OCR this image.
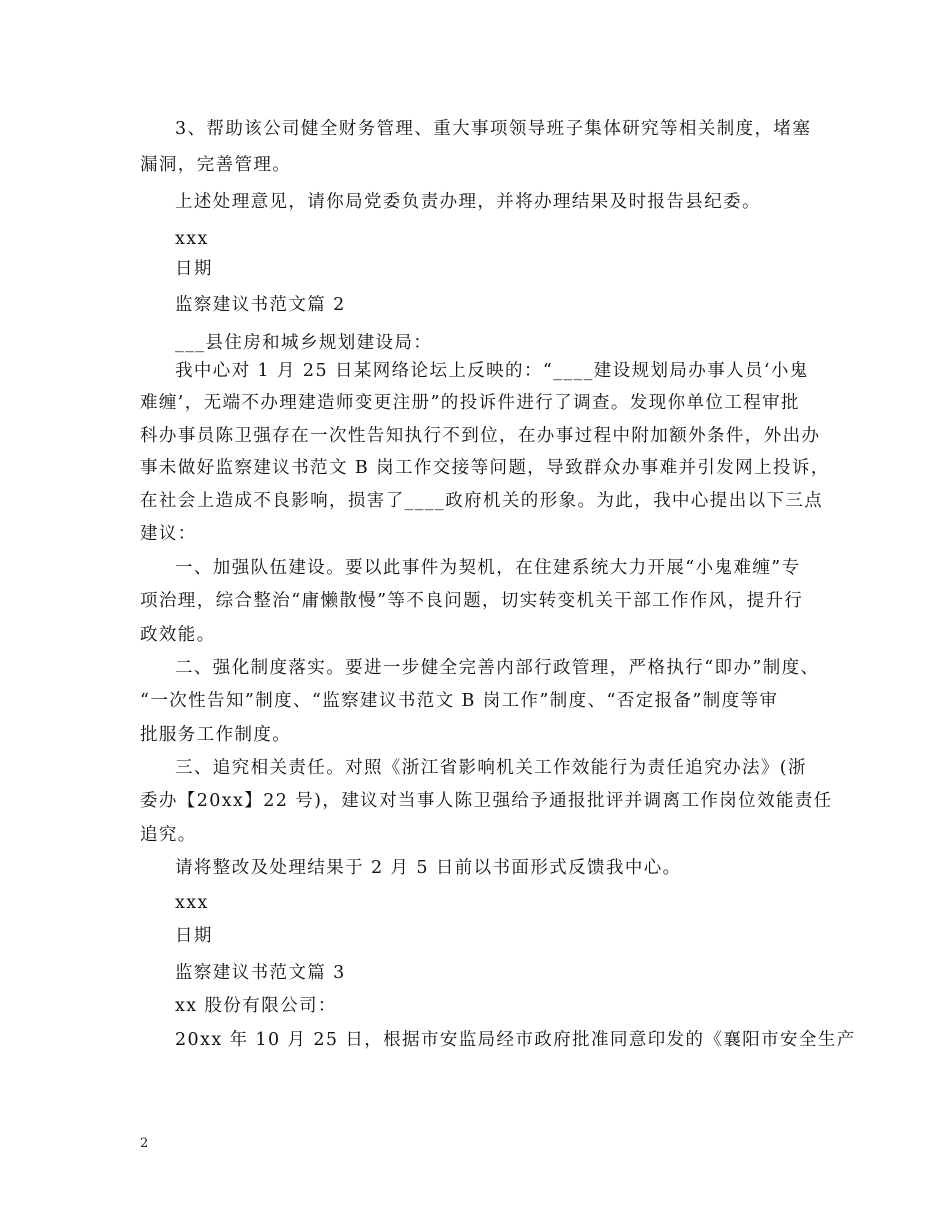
3、帮助该公司健全财务管理、重大事项领导班子集体研究等相关制度，堵塞
漏洞，完善管理。
上述处理意见，请你局党委负责办理，并将办理结果及时报告县纪委。
xxx
日期
监察建议书范文篇 2
___县住房和城乡规划建设局：
我中心对 1 月 25 日某网络论坛上反映的：“____建设规划局办事人员‘小鬼
难缠’，无端不办理建造师变更注册”的投诉件进行了调查。发现你单位工程审批
科办事员陈卫强存在一次性告知执行不到位，在办事过程中附加额外条件，外出办
事未做好监察建议书范文 B 岗工作交接等问题，导致群众办事难并引发网上投诉，
在社会上造成不良影响，损害了____政府机关的形象。为此，我中心提出以下三点
建议：
一、加强队伍建设。要以此事件为契机，在住建系统大力开展“小鬼难缠”专
项治理，综合整治“庸懒散慢”等不良问题，切实转变机关干部工作作风，提升行
政效能。
二、强化制度落实。要进一步健全完善内部行政管理，严格执行“即办”制度、
“一次性告知”制度、“监察建议书范文 B 岗工作”制度、“否定报备”制度等审
批服务工作制度。
三、追究相关责任。对照《浙江省影响机关工作效能行为责任追究办法》(浙
委办【20xx】22 号)，建议对当事人陈卫强给予通报批评并调离工作岗位效能责任
追究。
请将整改及处理结果于 2 月 5 日前以书面形式反馈我中心。
xxx
日期
监察建议书范文篇 3
xx 股份有限公司：
20xx 年 10 月 25 日，根据市安监局经市政府批准同意印发的《襄阳市安全生产
2
